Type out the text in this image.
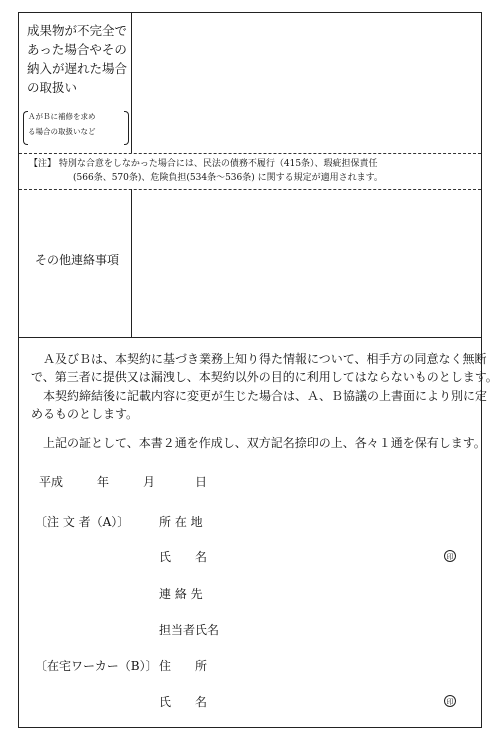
成果物が不完全で
あった場合やその
納入が遅れた場合
の取扱い
ＡがＢに補修を求め
る場合の取扱いなど
【注】 特別な合意をしなかった場合には、民法の債務不履行（415条）、瑕疵担保責任
(566条、570条)、危険負担(534条～536条) に関する規定が適用されます。
その他連絡事項
Ａ及びＢは、本契約に基づき業務上知り得た情報について、相手方の同意なく無断
で、第三者に提供又は漏洩し、本契約以外の目的に利用してはならないものとします。
本契約締結後に記載内容に変更が生じた場合は、Ａ、Ｂ協議の上書面により別に定
めるものとします。
上記の証として、本書２通を作成し、双方記名捺印の上、各々１通を保有します。
平成	年	月	日
〔注 文 者（A）〕 所 在 地
氏　　名	印
連 絡 先
担当者氏名
〔在宅ワーカー（B）〕 住　　所
氏　　名	印
